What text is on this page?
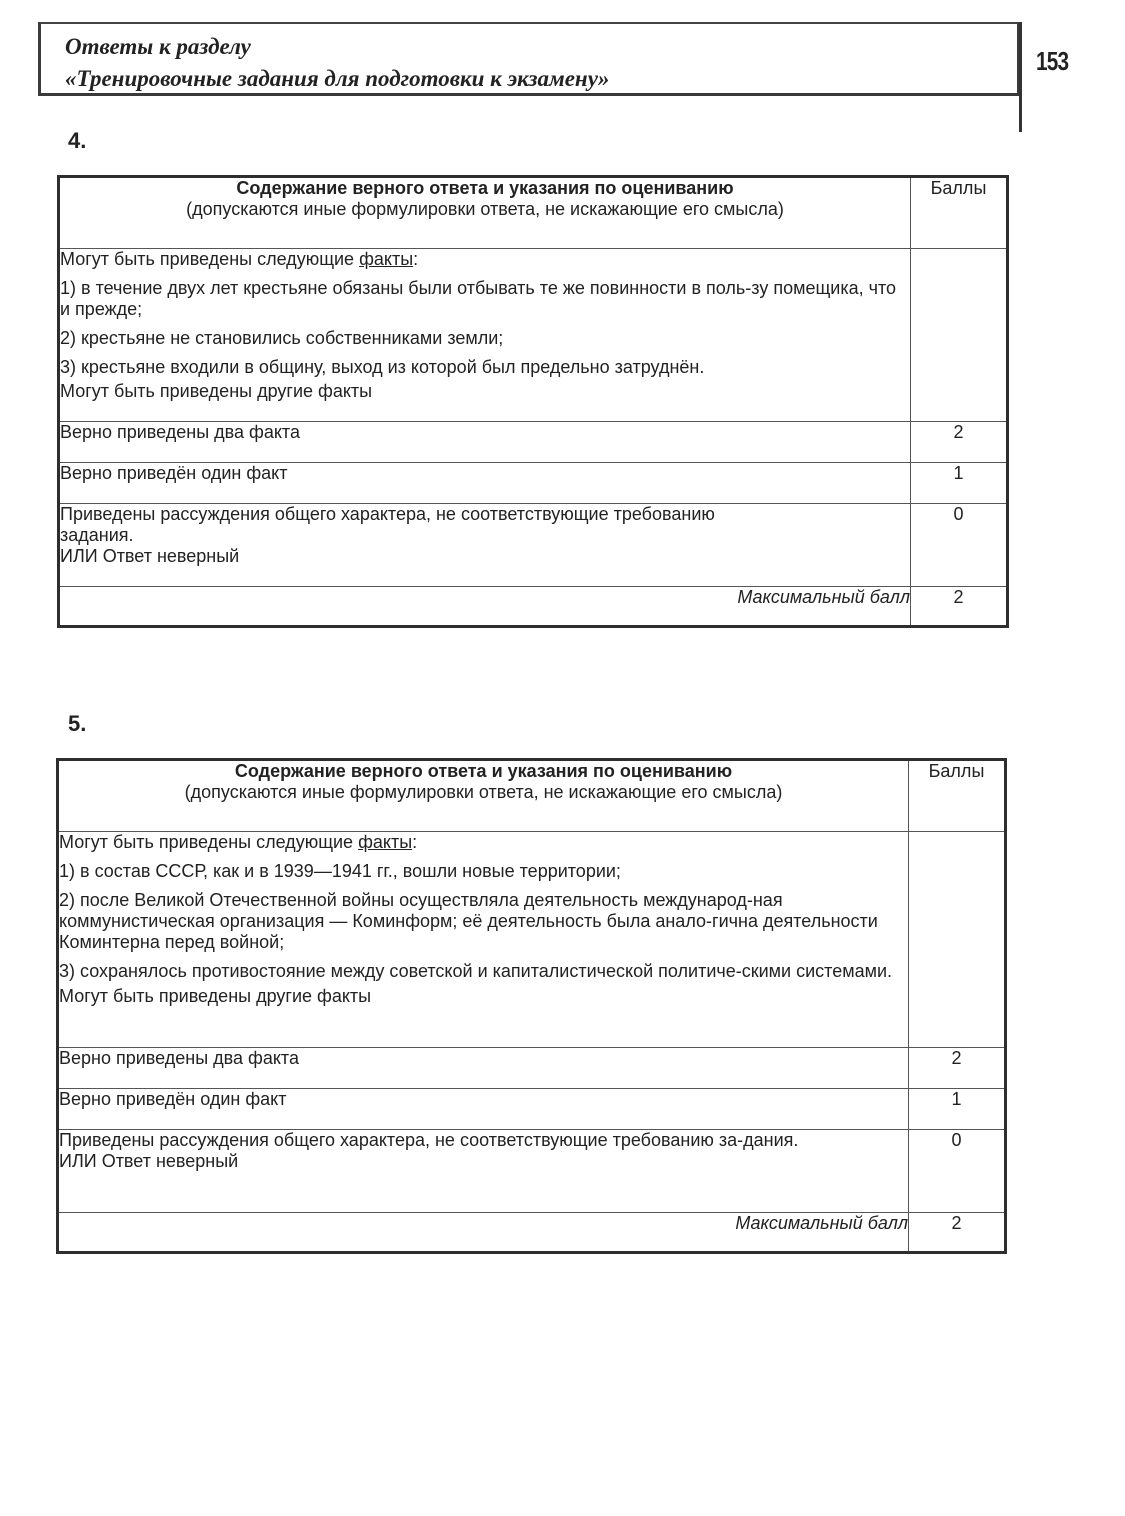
Ответы к разделу
«Тренировочные задания для подготовки к экзамену»
153
4.
Содержание верного ответа и указания по оцениванию
(допускаются иные формулировки ответа, не искажающие его смысла)	Баллы

Могут быть приведены следующие факты:

1) в течение двух лет крестьяне обязаны были отбывать те же повинности в поль-зу помещика, что и прежде;

2) крестьяне не становились собственниками земли;

3) крестьяне входили в общину, выход из которой был предельно затруднён.

Могут быть приведены другие факты	

Верно приведены два факта	2
Верно приведён один факт	1

Приведены рассуждения общего характера, не соответствующие требованию задания.
ИЛИ Ответ неверный	0
Максимальный балл	2
5.
Содержание верного ответа и указания по оцениванию
(допускаются иные формулировки ответа, не искажающие его смысла)	Баллы

Могут быть приведены следующие факты:

1) в состав СССР, как и в 1939—1941 гг., вошли новые территории;

2) после Великой Отечественной войны осуществляла деятельность международ-ная коммунистическая организация — Коминформ; её деятельность была анало-гична деятельности Коминтерна перед войной;

3) сохранялось противостояние между советской и капиталистической политиче-скими системами.

Могут быть приведены другие факты	

Верно приведены два факта	2
Верно приведён один факт	1

Приведены рассуждения общего характера, не соответствующие требованию за-дания.
ИЛИ Ответ неверный	0
Максимальный балл	2
